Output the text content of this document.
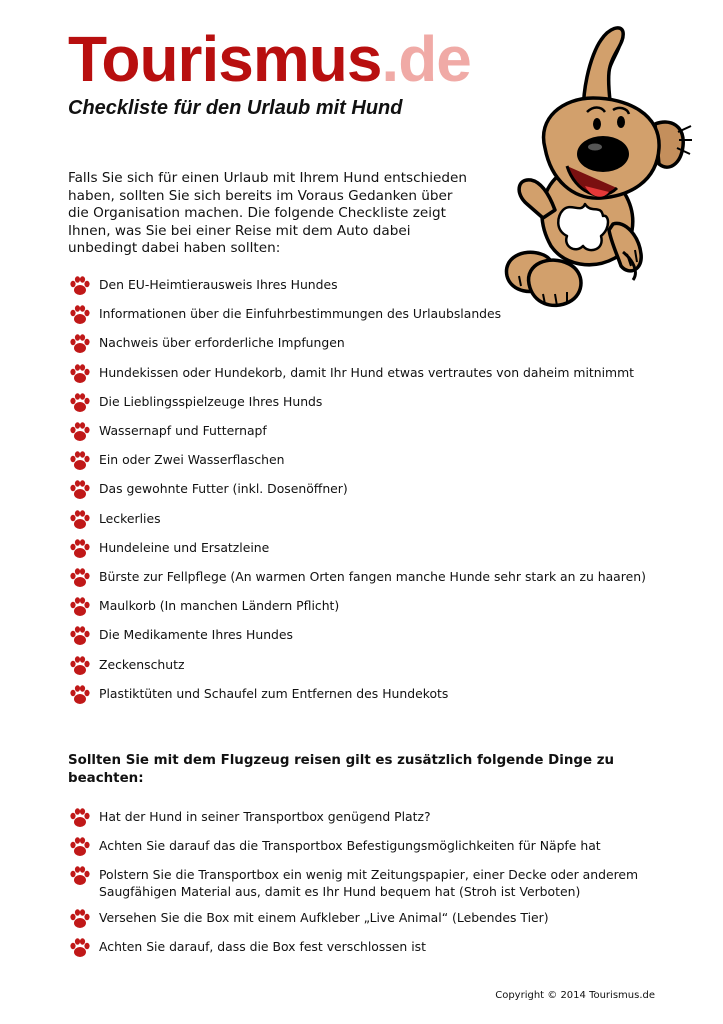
Tourismus.de
Checkliste für den Urlaub mit Hund

Falls Sie sich für einen Urlaub mit Ihrem Hund entschieden haben, sollten Sie sich bereits im Voraus Gedanken über die Organisation machen. Die folgende Checkliste zeigt Ihnen, was Sie bei einer Reise mit dem Auto dabei unbedingt dabei haben sollten:

Den EU-Heimtierausweis Ihres Hundes
Informationen über die Einfuhrbestimmungen des Urlaubslandes
Nachweis über erforderliche Impfungen
Hundekissen oder Hundekorb, damit Ihr Hund etwas vertrautes von daheim mitnimmt
Die Lieblingsspielzeuge Ihres Hunds
Wassernapf und Futternapf
Ein oder Zwei Wasserflaschen
Das gewohnte Futter (inkl. Dosenöffner)
Leckerlies
Hundeleine und Ersatzleine
Bürste zur Fellpflege (An warmen Orten fangen manche Hunde sehr stark an zu haaren)
Maulkorb (In manchen Ländern Pflicht)
Die Medikamente Ihres Hundes
Zeckenschutz
Plastiktüten und Schaufel zum Entfernen des Hundekots

Sollten Sie mit dem Flugzeug reisen gilt es zusätzlich folgende Dinge zu beachten:

Hat der Hund in seiner Transportbox genügend Platz?
Achten Sie darauf das die Transportbox Befestigungsmöglichkeiten für Näpfe hat
Polstern Sie die Transportbox ein wenig mit Zeitungspapier, einer Decke oder anderem Saugfähigen Material aus, damit es Ihr Hund bequem hat (Stroh ist Verboten)
Versehen Sie die Box mit einem Aufkleber „Live Animal“ (Lebendes Tier)
Achten Sie darauf, dass die Box fest verschlossen ist
Copyright © 2014 Tourismus.de
